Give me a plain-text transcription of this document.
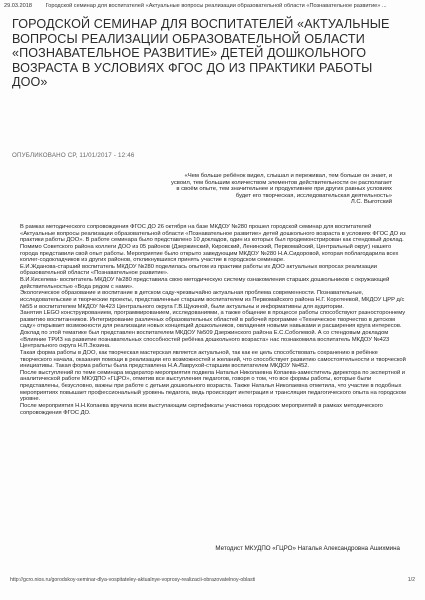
29.03.2018 Городской семинар для воспитателей «Актуальные вопросы реализации образовательной области «Познавательное развитие» ...
ГОРОДСКОЙ СЕМИНАР ДЛЯ ВОСПИТАТЕЛЕЙ «АКТУАЛЬНЫЕ ВОПРОСЫ РЕАЛИЗАЦИИ ОБРАЗОВАТЕЛЬНОЙ ОБЛАСТИ «ПОЗНАВАТЕЛЬНОЕ РАЗВИТИЕ» ДЕТЕЙ ДОШКОЛЬНОГО ВОЗРАСТА В УСЛОВИЯХ ФГОС ДО ИЗ ПРАКТИКИ РАБОТЫ ДОО»
ОПУБЛИКОВАНО СР, 11/01/2017 - 12:46
«Чем больше ребёнок видел, слышал и переживал, тем больше он знает, и усвоил, тем большим количеством элементов действительности он располагает в своём опыте, тем значительнее и продуктивнее при других равных условиях будет его творческая, исследовательская деятельность»
Л.С. Выготский

В рамках методического сопровождения ФГОС ДО 26 октября на базе МКДОУ №280 прошел городской семинар для воспитателей «Актуальные вопросы реализации образовательной области «Познавательное развитие» детей дошкольного возраста в условиях ФГОС ДО из практики работы ДОО». В работе семинара было представлено 10 докладов, один из которых был продемонстрирован как стендовый доклад. Помимо Советского района коллеги ДОО из 05 районов (Дзержинский, Кировский, Ленинский, Первомайский, Центральный округ) нашего города представили свой опыт работы. Мероприятие было открыто заведующим МКДОУ №280 Н.А.Сидоровой, которая поблагодарила всех коллег-содокладчиков из других районов, откликнувшихся принять участие в городском семинаре.

Е.И.Жданова-старший воспитатель МКДОУ №280 поделилась опытом из практики работы их ДОО актуальных вопросах реализации образовательной области «Познавательное развитие».

В.И.Киселева- воспитатель МКДОУ №280 представила свою методическую систему ознакомления старших дошкольников с окружающей действительностью «Вода рядом с нами».

Экологическое образование и воспитание в детском саду-чрезвычайно актуальная проблема современности. Познавательные, исследовательские и творческие проекты, представленные старшим воспитателем из Первомайского района Н.Г. Коротеевой, МКДОУ ЦРР д/с №55 и воспитателем МКДОУ №423 Центрального округа Г.В.Щукиной, были актуальны и информативны для аудитории.

Занятия LEGO конструированием, программированием, исследованиями, а также общение в процессе работы способствуют разностороннему развитию воспитанников. Интегрирование различных образовательных областей в рабочей программе «Техническое творчество в детском саду» открывает возможности для реализации новых концепций дошкольников, овладения новыми навыками и расширения круга интересов. Доклад по этой тематике был представлен воспитателем МКДОУ №509 Дзержинского района Е.С.Соболевой. А со стендовым докладом «Влияние ТРИЗ на развитие познавательных способностей ребёнка дошкольного возраста» нас познакомила воспитатель МКДОУ №423 Центрального округа Н.П.Зюзина.

Такая форма работы в ДОО, как творческая мастерская является актуальной, так как ее цель способствовать сохранению в ребёнке творческого начала, оказания помощи в реализации его возможностей и желаний, что способствует развитию самостоятельности и творческой инициативы. Такая форма работы была представлена Н.А.Лаврухой-старшим воспитателем МКДОУ №452.

После выступлений по теме семинара модератор мероприятия подвела Наталья Николаевна Копаева-заместитель директора по экспертной и аналитической работе МКУДПО «ГЦРО», отметив все выступления педагогов, говоря о том, что все формы работы, которые были представлены, безусловно, важны при работе с детьми дошкольного возраста. Также Наталья Николаевна отметила, что участие в подобных мероприятиях повышает профессиональный уровень педагога, ведь происходит интеграция и трансляция педагогического опыта на городском уровне.

После мероприятия Н.Н.Копаева вручила всем выступающим сертификаты участника городских мероприятий в рамках методического сопровождения ФГОС ДО.

Методист МКУДПО «ГЦРО» Наталья Александровна Ашихмина
http://gcro.nios.ru/gorodskoy-seminar-dlya-vospitateley-aktualnye-voprosy-realizacii-obrazovatelnoy-oblasti	1/2
